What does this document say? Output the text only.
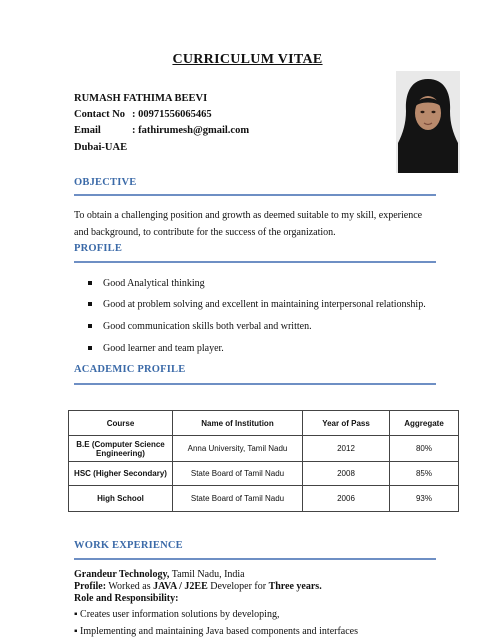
CURRICULUM VITAE
RUMASH FATHIMA BEEVI
Contact No : 00971556065465
Email	: fathirumesh@gmail.com
Dubai-UAE
OBJECTIVE
To obtain a challenging position and growth as deemed suitable to my skill, experience
and background, to contribute for the success of the organization.
PROFILE
Good Analytical thinking
Good at problem solving and excellent in maintaining interpersonal relationship.
Good communication skills both verbal and written.
Good learner and team player.
ACADEMIC PROFILE
Course	Name of Institution	Year of Pass	Aggregate
B.E (Computer Science Engineering)	Anna University, Tamil Nadu	2012	80%
HSC (Higher Secondary)	State Board of Tamil Nadu	2008	85%
High School	State Board of Tamil Nadu	2006	93%
WORK EXPERIENCE
Grandeur Technology, Tamil Nadu, India
Profile: Worked as JAVA / J2EE Developer for Three years.
Role and Responsibility:
▪ Creates user information solutions by developing,
▪ Implementing and maintaining Java based components and interfaces
